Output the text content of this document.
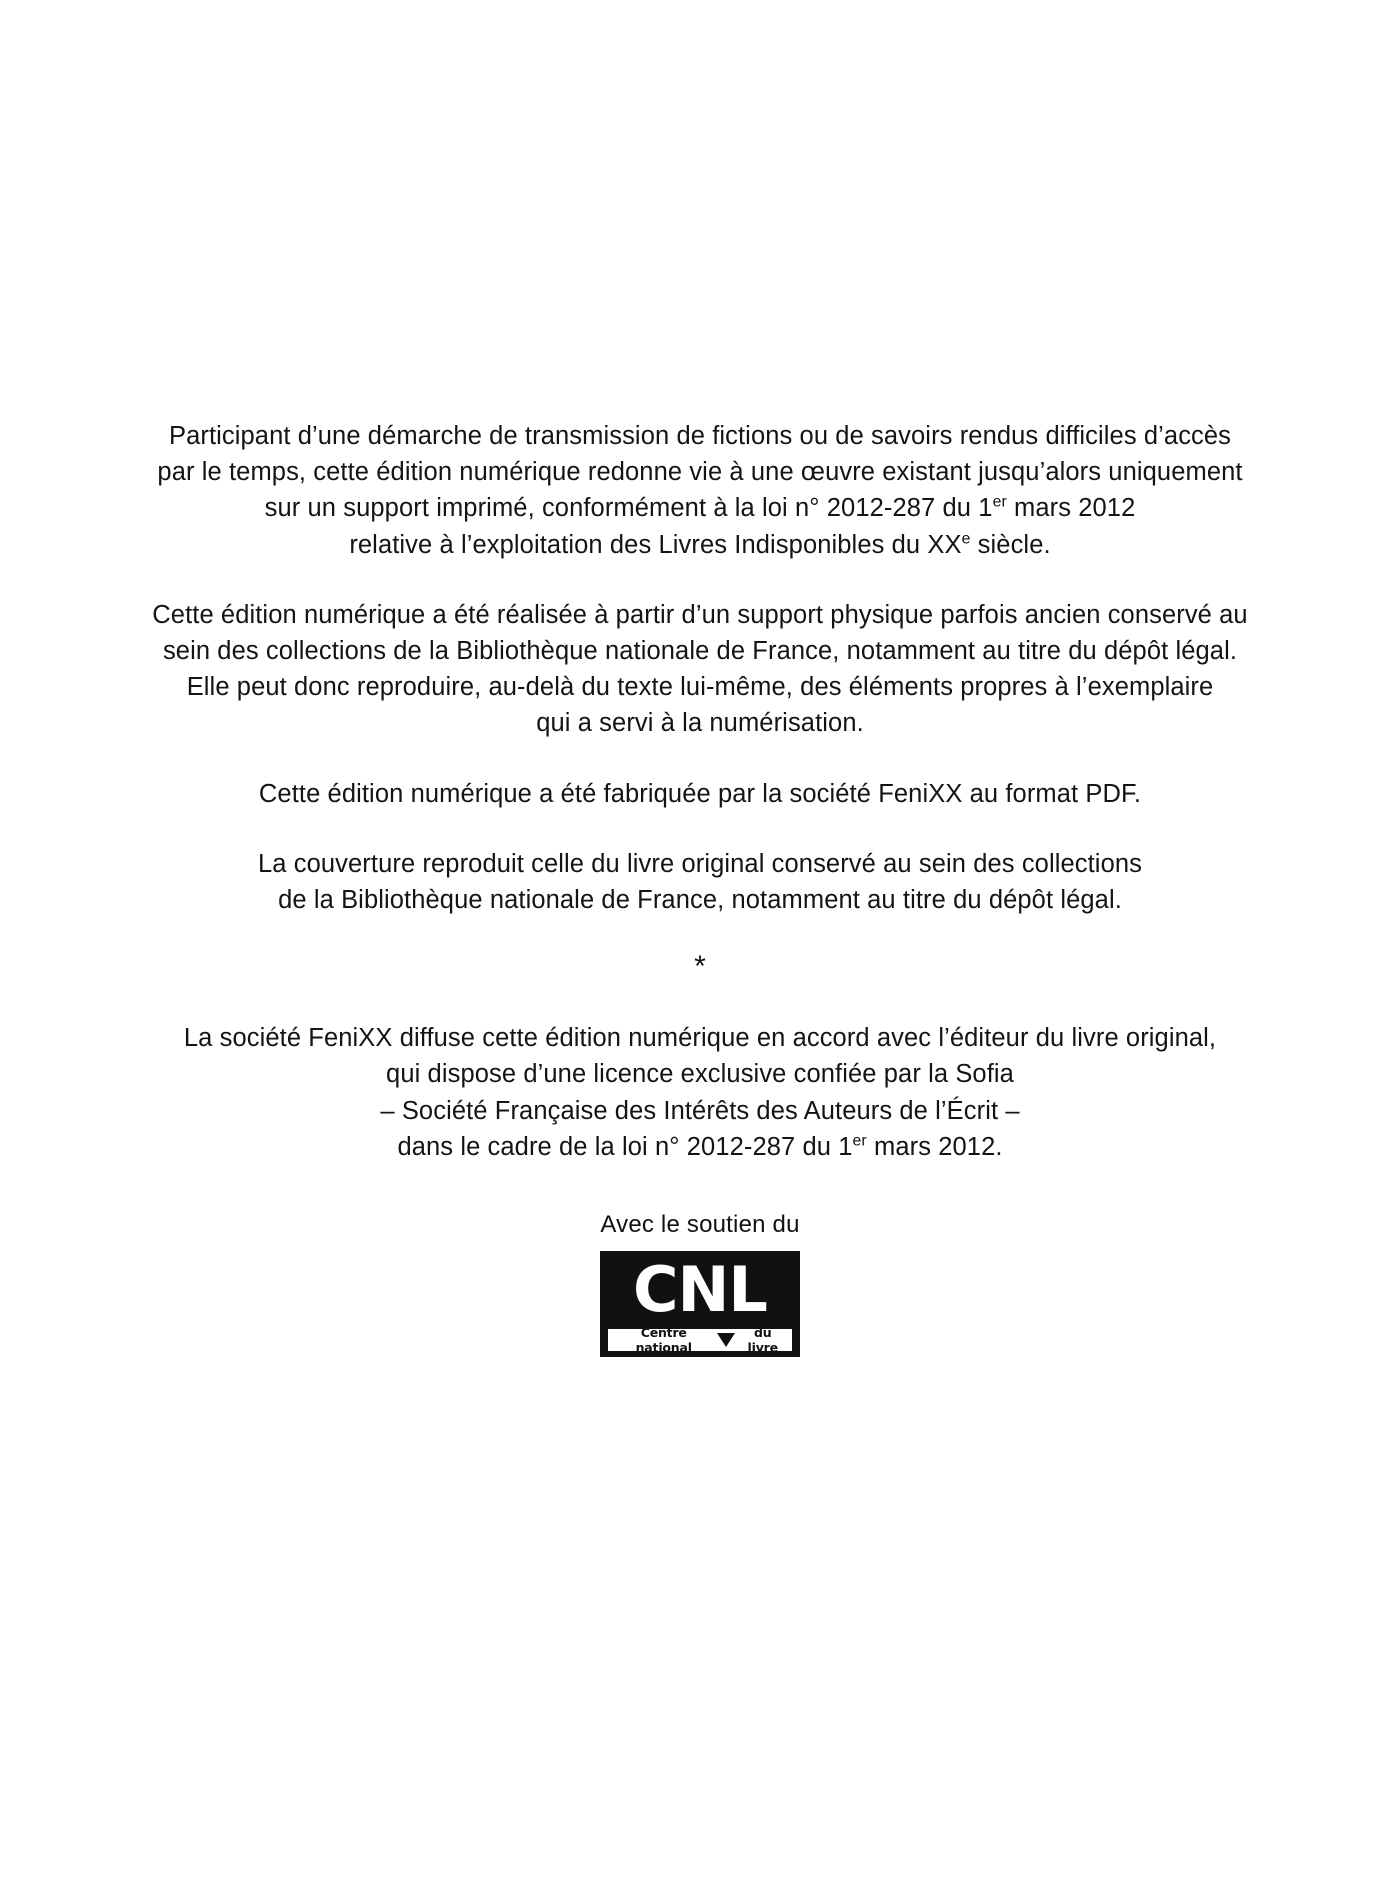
Participant d’une démarche de transmission de fictions ou de savoirs rendus difficiles d’accès
par le temps, cette édition numérique redonne vie à une œuvre existant jusqu’alors uniquement
sur un support imprimé, conformément à la loi n° 2012-287 du 1er mars 2012
relative à l’exploitation des Livres Indisponibles du XXe siècle.

Cette édition numérique a été réalisée à partir d’un support physique parfois ancien conservé au
sein des collections de la Bibliothèque nationale de France, notamment au titre du dépôt légal.
Elle peut donc reproduire, au-delà du texte lui-même, des éléments propres à l’exemplaire
qui a servi à la numérisation.

Cette édition numérique a été fabriquée par la société FeniXX au format PDF.

La couverture reproduit celle du livre original conservé au sein des collections
de la Bibliothèque nationale de France, notamment au titre du dépôt légal.

*

La société FeniXX diffuse cette édition numérique en accord avec l’éditeur du livre original,
qui dispose d’une licence exclusive confiée par la Sofia
– Société Française des Intérêts des Auteurs de l’Écrit –
dans le cadre de la loi n° 2012-287 du 1er mars 2012.

Avec le soutien du
CNL
Centre national
du livre
